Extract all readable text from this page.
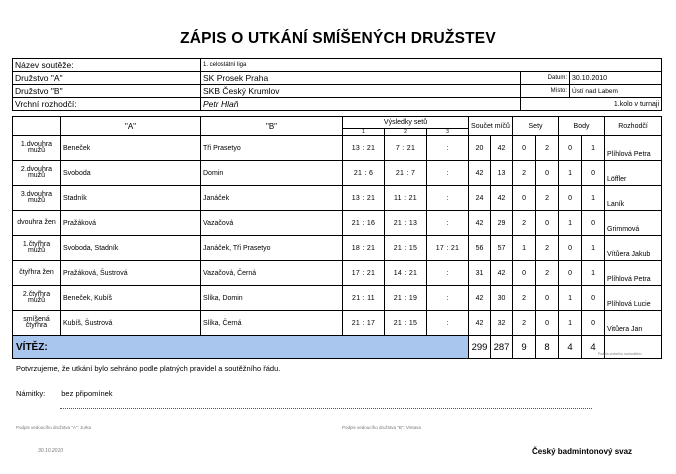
ZÁPIS O UTKÁNÍ SMÍŠENÝCH DRUŽSTEV
Název soutěže:	1. celostátní liga		
Družstvo "A"	SK Prosek Praha	Datum:	30.10.2010
Družstvo "B"	SKB Český Krumlov	Místo:	Ústí nad Labem
Vrchní rozhodčí:	Petr Hlaň		1.kolo v turnaji
	"A"	"B"	Výsledky setů			Součet míčů		Sety		Body		Rozhodčí
			1	2	3							
1.dvouhra mužů	Beneček	Tři Prasetyo	13 : 21	7 : 21	:	20	42	0	2	0	1	Plíhlová Petra
2.dvouhra mužů	Svoboda	Domin	21 : 6	21 : 7	:	42	13	2	0	1	0	Löffler
3.dvouhra mužů	Stadník	Janáček	13 : 21	11 : 21	:	24	42	0	2	0	1	Laník
dvouhra žen	Pražáková	Vazačová	21 : 16	21 : 13	:	42	29	2	0	1	0	Grimmová
1.čtyřhra mužů	Svoboda, Stadník	Janáček, Tři Prasetyo	18 : 21	21 : 15	17 : 21	56	57	1	2	0	1	Vítůera Jakub
čtyřhra žen	Pražáková, Šustrová	Vazačová, Černá	17 : 21	14 : 21	:	31	42	0	2	0	1	Plíhlová Petra
2.čtyřhra mužů	Beneček, Kubíš	Slíka, Domin	21 : 11	21 : 19	:	42	30	2	0	1	0	Plíhlová Lucie
smíšená čtyřhra	Kubíš, Šustrová	Slíka, Černá	21 : 17	21 : 15	:	42	32	2	0	1	0	Vitůera Jan
VÍTĚZ:						299	287	9	8	4	4	
Podpis vrchního rozhodčího
Potvrzujeme, že utkání bylo sehráno podle platných pravidel a soutěžního řádu.
Námitky: bez připomínek
Podpis vedoucího družstva "A": Jurka	Podpis vedoucího družstva "B": Vintava
30.10.2010	Český badmintonový svaz
